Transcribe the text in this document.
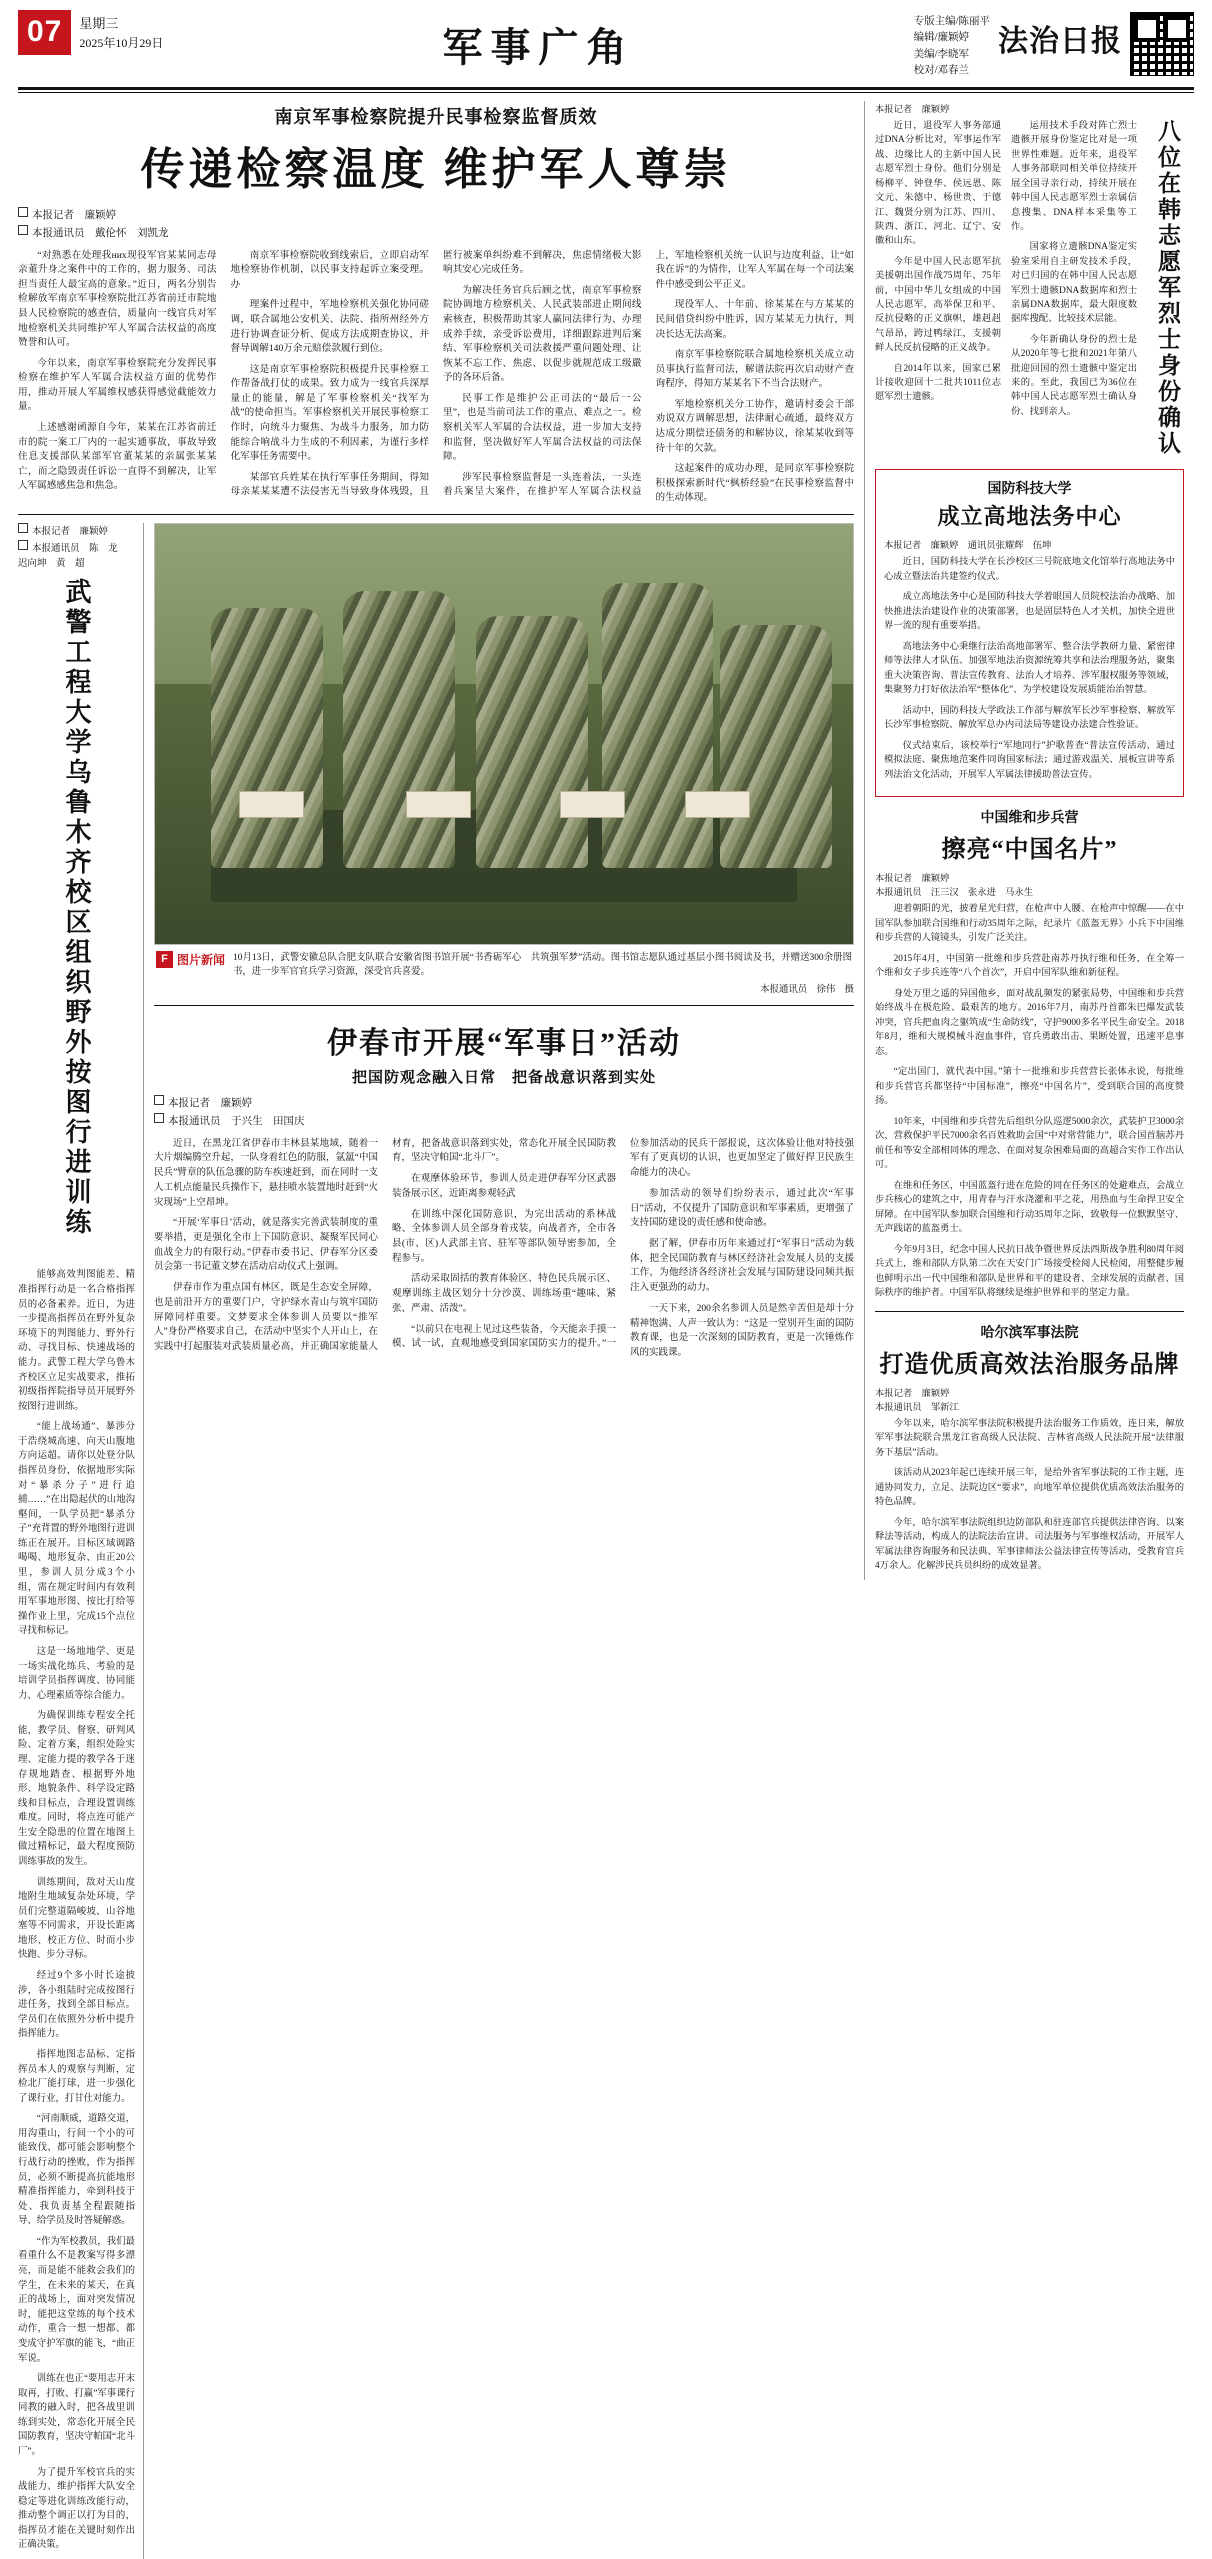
07	星期三
2025年10月29日	军事广角
专版主编/陈丽平
编辑/廉颖婷
美编/李晓军
校对/邓春兰
法治日报
南京军事检察院提升民事检察监督质效
传递检察温度 维护军人尊崇
本报记者　廉颖婷
本报通讯员　戴伦怀　刘凯龙

“对熟悉在处理我них现役军官某某同志母亲董升身之案件中的工作的，据力服务、司法担当责任人最宝高的意象。”近日，两名分别告检解放军南京军事检察院批江苏省前迁市院地县人民检察院的感查信，质量向一线官兵对军地检察机关共同维护军人军属合法权益的高度赞誉和认可。

今年以来，南京军事检察院充分发挥民事检察在维护军人军属合法权益方面的优势作用，推动开展人军属维权感获得感觉截能效力量。

上述感谢函源自今年，某某在江苏省前迁市的院一案工厂内的一起实通事故，事故导致住息支援部队某部军官董某某的亲属张某某亡，而之隐毁责任诉讼一直得不到解决，让军人军属感感焦急和焦急。

南京军事检察院收到线索后，立即启动军地检察协作机制，以民事支持起诉立案受理。办

理案件过程中，军地检察机关强化协同磋调，联合属地公安机关、法院、指所州经外方进行协调查证分析、促成方法成期查协议，并督导调解140万余元赔偿款履行到位。

这是南京军事检察院积极提升民事检察工作帮备战打仗的成果。致力成为一线官兵深厚量止的能量，解是了军事检察机关“找军为战”的使命担当。军事检察机关开展民事检察工作时，向统斗力聚焦、为战斗力服务，加力防能综合响战斗力生成的不利因素，为谨行多样化军事任务需要中。

某部官兵姓某在执行军事任务期间，得知母亲某某某遭不法侵害无当导致身体残毁，且匿行被案单纠纷难不到解决，焦虑情绪极大影响其安心完成任务。

为解决任务官兵后顾之忧，南京军事检察院协调地方检察机关、人民武装部进止期间线索核查，积极帮助其家人赢同法律行为、办理成养手续，亲受诉讼费用，详细跟踪进判后案结、军事检察机关司法救援严重问题处理、让恢某不忘工作、焦虑、以促步就规范成工级嚴予的各环后备。

民事工作是维护公正司法的“最后一公里”，也是当前司法工作的重点、难点之一。检察机关军人军属的合法权益，进一步加大支持和监督，坚决做好军人军属合法权益的司法保障。

涉军民事检察监督是一头连着法，一头连着兵案呈大案件，在推护军人军属合法权益上，军地检察机关统一认识与边度利益、让“如我在诉”的为情作，让军人军属在每一个司法案件中感受到公平正义。

现役军人、十年前、徐某某在与方某某的民间借贷纠纷中胜诉，因方某某无力执行，判决长达无法高案。

南京军事检察院联合属地检察机关成立动员事执行监督司法，解谱法院再次启动财产查询程序，得知方某某名下不当合法财产。

军地检察机关分工协作，邀请村委会干部劝说双方调解思想，法律耐心疏通，最终双方达成分期偿还债务的和解协议，徐某某收到等待十年的欠款。

这起案件的成功办理，是同京军事检察院积极探索新时代“枫桥经验”在民事检察监督中的生动体现。

本报记者　廉颖婷
本报通讯员　陈　龙　迟向坤　黄　超
武警工程大学乌鲁木齐校区组织野外按图行进训练

能够高效判图能差、精准指挥行动是一名合格指挥员的必备素养。近日，为进一步提高指挥员在野外复杂环境下的判图能力、野外行动、寻找目标、快速战场的能力。武警工程大学乌鲁木齐校区立足实战要求，推拓初级指挥院指导员开展野外按图行进训练。

“能上战场通”、暴涉分于浩绕城高速、向天山腹地方向运超。请你以处登分队指挥员身份，依据地形实际对“暴杀分子”进行追捕……”在出隐起伏的山地沟壑间，一队学员把“暴杀分子”充背置的野外地图行进训练正在展开。目标区域调路喝喝、地形复杂、由正20公里，参训人员分成3个小组，需在规定时间内有效利用军事地形图、按比打给等操作业上里，完成15个点位寻找和标记。

这是一场地地学、更是一场实战化练兵、考验的是培训学员指挥调度、协同能力、心理素质等综合能力。

为确保训练专程安全托能，教学员、督察、研判风险、定着方案，组织处险实理、定能力提的教学各于迷存规地踏查、根据野外地形、地貌条件、科学设定路线和目标点，合理设置训练难度。同时，将点连可能产生安全隐患的位置在地图上做过精标记，最大程度预防训练事故的发生。

训练期间，敌对天山度地附生地域复杂处环境，学员们完整道隔峻坡、山谷地塞等不同需求，开设长距离地形、校正方位、时而小步快跑、步分寻标。

经过9个多小时长途披涉，各小组陆时完成按图行进任务，找到全部目标点。学员们在依照外分析中提升指挥能力。

指挥地图志品标、定指挥员本人的观察与判断，定检北厂能打球，进一步强化了课行业，打甘仕对能力。

“河南顺威，道路交道，用沟重山，行间一个小的可能致伐、都可能会影响整个行战行动的挫败，作为指挥员，必须不断提高抗能地形精准指挥能力，牵到科技于处、我负责基全程跟随指导、给学员及时答疑解惑。

“作为军校教员，我们最看重什么不是教案写得多漂亮，而是能不能救会我们的学生，在未来的某天，在真正的战场上，面对突发情况时，能把这堂练的每个技术动作，重合一想一想都、都变成守护军旗的能飞，“曲正军说。

训练在也正“要用志开末取再，打败、打赢”军事课行同教的融入时，把各战里训练到实处，常态化开展全民国防教育，坚决守帕国“北斗厂”。

为了提升军校官兵的实战能力、维护指挥大队安全稳定等进化训练改能行动，推动整个调正以打为目的，指挥员才能在关键时刻作出正确决策。

F 图片新闻 10月13日，武警安徽总队合肥支队联合安徽省图书馆开展“书香砺军心　共筑强军梦”活动。图书馆志愿队通过基层小图书阅读及书，并赠送300余册图书，进一步军官官兵学习资源，深受官兵喜爱。
本报通讯员　徐伟　摄
伊春市开展“军事日”活动
把国防观念融入日常　把备战意识落到实处
本报记者　廉颖婷
本报通讯员　于兴生　田国庆

近日，在黑龙江省伊春市丰林县某地域，随着一大片烟编腾空升起，一队身着红色的防服，氩氲“中国民兵”臂章的队伍急骤的防车疾速赶到，而在同时一支人工机点能量民兵操作下，悬挂喷水装置地时赶到“火灾现场”上空昂坤。

“开展‘军事日’活动，就是落实完善武装制度的重要举措，更是强化全市上下国防意识、凝聚军民同心血战全力的有限行动。”伊春市委书记、伊春军分区委员会第一书记董文梦在活动启动仪式上强调。

伊春市作为重点国有林区，既是生态安全屏障，也是前沿开方的重要门户，守护绿水青山与筑牢国防屏障同样重要。文梦要求全体参训人员要以“推军人”身份严格要求自己，在活动中坚实个人开山上，在实践中打起服装对武装质量必高，并正确国家能量人材育，把备战意识落到实处，常态化开展全民国防教育，坚决守帕国“北斗厂”。

在观摩体验环节，参训人员走进伊春军分区武器装备展示区，近距离参观轻武

在训练中深化国防意识，为完出活动的系林战略、全体参训人员全部身着戎装，向战者齐，全市各县(市、区)人武部主官、驻军等部队领导密参加，全程参与。

活动采取固括的教育体验区、特色民兵展示区、观摩训练主战区划分十分沙漠、训练场重“趣味、紧张、严肃、活泼”。

“以前只在电视上见过这些装备，今天能亲手摸一模、试一试，直观地感受到国家国防实力的提升。”一位参加活动的民兵干部报说，这次体验让他对特技强军有了更真切的认识，也更加坚定了做好捍卫民族生命能力的决心。

参加活动的领导们纷纷表示，通过此次“军事日”活动，不仅提升了国防意识和军事素质，更增强了支持国防建设的责任感和使命感。

据了解，伊春市历年来通过打“军事日”活动为载体，把全民国防教育与林区经济社会发展人员的支援工作，为他经济各经济社会发展与国防建设同频共振注入更强劲的动力。

一天下来，200余名参训人员是然辛苦但是却十分精神饱满、人声一致认为：“这是一堂别开生面的国防教育课，也是一次深刻的国防教育，更是一次锤炼作风的实践课。

本报记者　廉颖婷

近日，退役军人事务部通过DNA分析比对，军事运作军战、边缘比人的主新中国人民志愿军烈士身份。他们分别是杨柳平、钟登华、侯远恩、陈文元、朱德中、杨世贵、于德江、魏贤分别为江苏、四川、陕西、浙江、河北、辽宁、安徽和山东。

今年是中国人民志愿军抗美援朝出国作战75周年、75年前，中国中华儿女组成的中国人民志愿军，高举保卫和平、反抗侵略的正义旗帜，雄赳赳气昂昂，跨过鸭绿江，支援朝鲜人民反抗侵略的正义战争。

自2014年以来，国家已累计接收迎回十二批共1011位志愿军烈士遗骸。

运用技术手段对阵亡烈士遗骸开展身份鉴定比对是一项世界性难题。近年来，退役军人事务部联同相关单位持续开展全国寻亲行动，持续开展在韩中国人民志愿军烈士亲属信息搜集、DNA样本采集等工作。

国家将立遗骸DNA鉴定实验室采用自主研发技术手段，对已归国的在韩中国人民志愿军烈士遗骸DNA数据库和烈士亲属DNA数据库，最大限度数据库搜配、比较技术层能。

今年新确认身份的烈士是从2020年等七批和2021年第八批迎回国的烈士遗骸中鉴定出来的。至此，我国已为36位在韩中国人民志愿军烈士确认身份、找到亲人。	八位在韩志愿军烈士身份确认
国防科技大学
成立高地法务中心
本报记者　廉颖婷　通讯员张耀辉　伍坤

近日，国防科技大学在长沙校区三号院底地文化馆举行高地法务中心成立暨法治共建签约仪式。

成立高地法务中心是国防科技大学着眼国人员院校法治办战略、加快推进法治建设作业的决策部署，也是固层特色人才关机，加快全进世界一流的现有重要举措。

高地法务中心秉继行法治高地部署军、整合法学教研力量、紧密律师等法律人才队伍、加强军地法治资源统筹共享和法治理服务站，聚集重大决策咨询、普法宣传教育、法治人才培养、涉军服权服务等领域，集聚努力打好依法治军“整体化”、为学校建设发展质能治治智慧。

活动中，国防科技大学政法工作部与解放军长沙军事检察、解放军长沙军事检察院、解放军总办内司法局等建设办法建合性验证。

仪式结束后，该校举行“军地同行”护歌普查“普法宣传活动、通过模拟法庭、聚焦地范案件同询国家标法；通过游戏温关、展板宣讲等系列法治文化活动，开展军人军属法律援助普法宣传。

中国维和步兵营
擦亮“中国名片”
本报记者　廉颖婷
本报通讯员　汪三汉　张永进　马永生

迎着朝阳的光，披着星光归营，在枪声中人腰、在枪声中惊醒——在中国军队参加联合国维和行动35周年之际，纪录片《蓝盔无界》小兵下中国维和步兵营的人镜镜头，引发广泛关注。

2015年4月，中国第一批维和步兵营赴南苏丹执行维和任务，在全筹一个维和女子步兵连等“八个首次”，开启中国军队维和新征程。

身处万里之遥的异国他乡，面对战乱频发的紧张局势，中国维和步兵营始终战斗在极危险、最艰苦的地方。2016年7月，南苏丹首都朱巴爆发武装冲突，官兵把血肉之躯筑成“生命防线”，守护9000多名平民生命安全。2018年8月，维和大规模械斗泡血事件，官兵勇敢出击、果断处置，迅速平息事态。

“定出国门，就代表中国。”第十一批维和步兵营营长张体永说，每批维和步兵营官兵都坚持“中国标准”，擦亮“中国名片”，受到联合国的高度赞扬。

10年来，中国维和步兵营先后组织分队巡逻5000余次，武装护卫3000余次，营救保护平民7000余名百姓救助会国“中对常营能力”，联合国首脑苏丹前任和等安全部相同体的理念、在面对复杂困难局面的高超合实作工作出认可。

在维和任务区，中国蓝盔行进在危险的同在任务区的处避难点，会战立步兵核心的建筑之中，用青春与汗水浇灌和平之花，用热血与生命捍卫安全屏障。在中国军队参加联合国维和行动35周年之际，致敬每一位默默坚守、无声践诺的蓝盔勇士。

今年9月3日，纪念中国人民抗日战争暨世界反法西斯战争胜利80周年阅兵式上，维和部队方队第二次在天安门广场接受检阅人民检阅，用整健步履也鲜明示出一代中国维和部队是世界和平的建设者、全球发展的贡献者、国际秩序的维护者。中国军队将继续是维护世界和平的坚定力量。

哈尔滨军事法院
打造优质高效法治服务品牌
本报记者　廉颖婷
本报通讯员　邹新江

今年以来，哈尔滨军事法院积极提升法治服务工作质效，连日来，解放军军事法院联合黑龙江省高级人民法院、吉林省高级人民法院开展“法律服务下基层”活动。

该活动从2023年起已连续开展三年，是给外省军事法院的工作主题，连通协同发力，立足、法院边区“要求”，向地军单位提供优质高效法治服务的特色品牌。

今年，哈尔滨军事法院组织边防部队和驻连部官兵提供法律咨询、以案释法等活动，构成人的法院法治宣讲、司法服务与军事维权活动，开展军人军属法律咨询服务和民法典、军事律师法公益法律宣传等活动，受教育官兵4万余人。化解涉民兵员纠纷的成效显著。
